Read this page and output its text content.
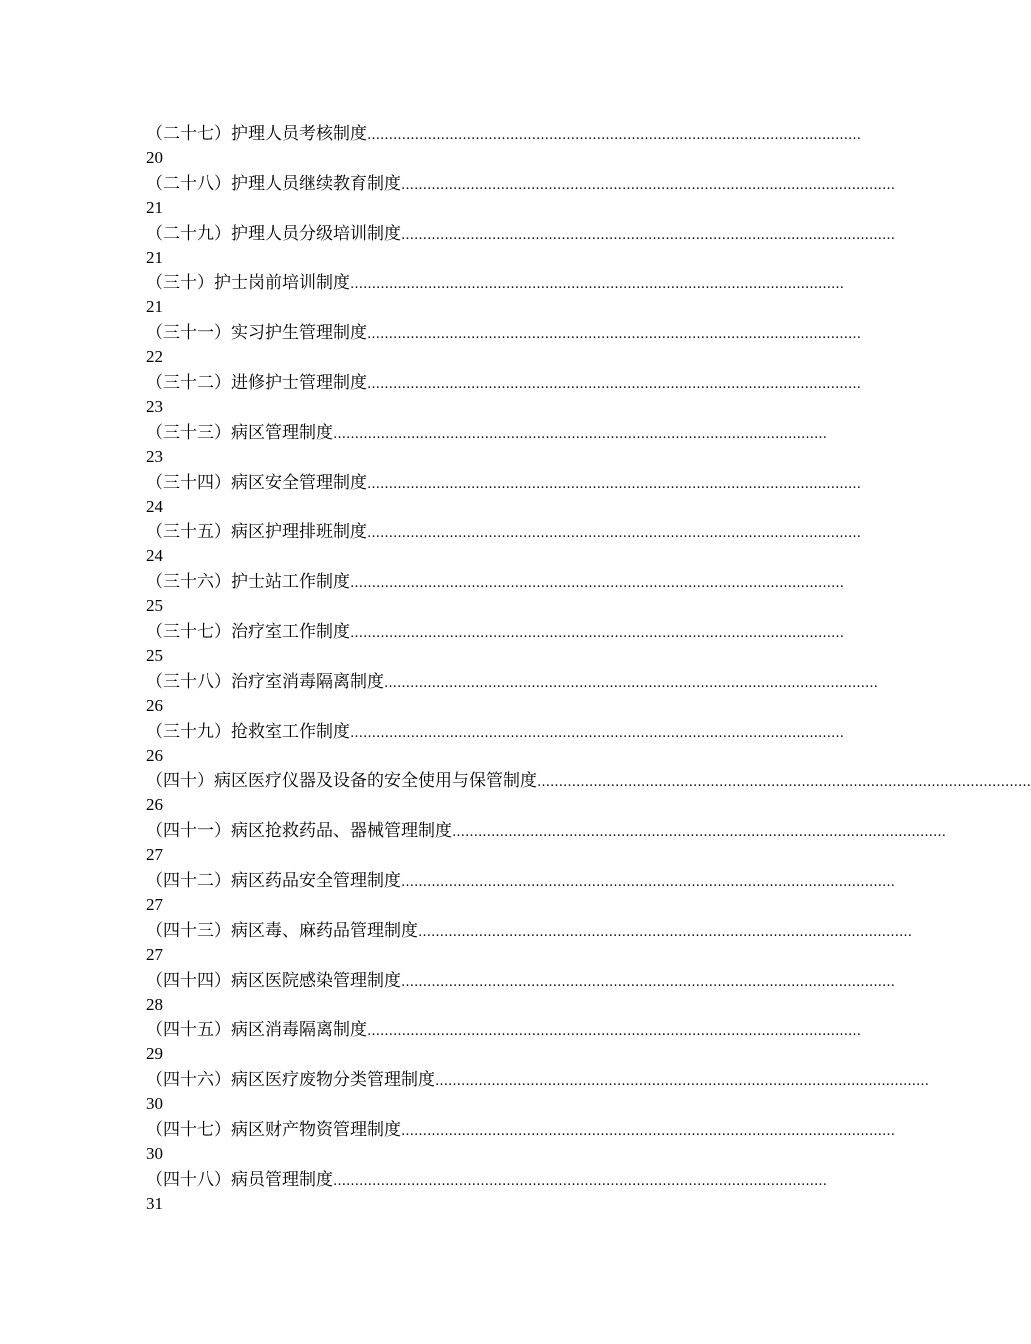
（二十七）护理人员考核制度 ……………………………………………………………………………………………………
20
（二十八）护理人员继续教育制度 ……………………………………………………………………………………………………
21
（二十九）护理人员分级培训制度 ……………………………………………………………………………………………………
21
（三十）护士岗前培训制度 ……………………………………………………………………………………………………
21
（三十一）实习护生管理制度 ……………………………………………………………………………………………………
22
（三十二）进修护士管理制度 ……………………………………………………………………………………………………
23
（三十三）病区管理制度 ……………………………………………………………………………………………………
23
（三十四）病区安全管理制度 ……………………………………………………………………………………………………
24
（三十五）病区护理排班制度 ……………………………………………………………………………………………………
24
（三十六）护士站工作制度 ……………………………………………………………………………………………………
25
（三十七）治疗室工作制度 ……………………………………………………………………………………………………
25
（三十八）治疗室消毒隔离制度 ……………………………………………………………………………………………………
26
（三十九）抢救室工作制度 ……………………………………………………………………………………………………
26
（四十）病区医疗仪器及设备的安全使用与保管制度 ……………………………………………………………………………………………………
26
（四十一）病区抢救药品、器械管理制度 ……………………………………………………………………………………………………
27
（四十二）病区药品安全管理制度 ……………………………………………………………………………………………………
27
（四十三）病区毒、麻药品管理制度 ……………………………………………………………………………………………………
27
（四十四）病区医院感染管理制度 ……………………………………………………………………………………………………
28
（四十五）病区消毒隔离制度 ……………………………………………………………………………………………………
29
（四十六）病区医疗废物分类管理制度 ……………………………………………………………………………………………………
30
（四十七）病区财产物资管理制度 ……………………………………………………………………………………………………
30
（四十八）病员管理制度 ……………………………………………………………………………………………………
31
